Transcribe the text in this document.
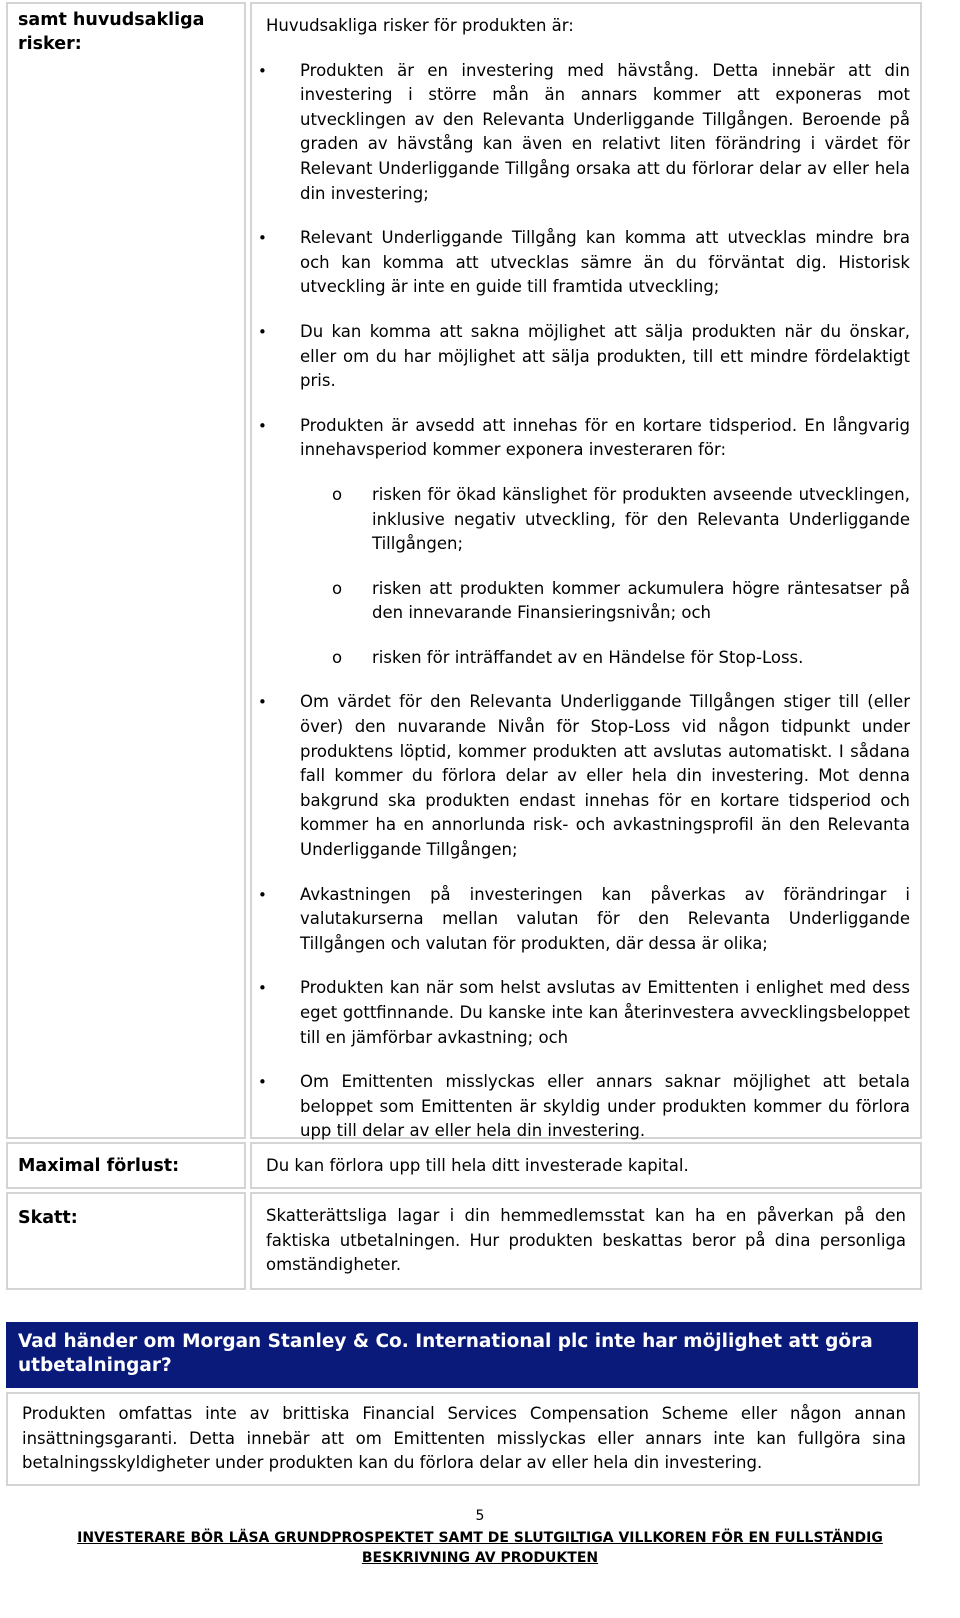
samt huvudsakliga risker:
Huvudsakliga risker för produkten är:
• Produkten är en investering med hävstång. Detta innebär att din investering i större mån än annars kommer att exponeras mot utvecklingen av den Relevanta Underliggande Tillgången. Beroende på graden av hävstång kan även en relativt liten förändring i värdet för Relevant Underliggande Tillgång orsaka att du förlorar delar av eller hela din investering;
• Relevant Underliggande Tillgång kan komma att utvecklas mindre bra och kan komma att utvecklas sämre än du förväntat dig. Historisk utveckling är inte en guide till framtida utveckling;
• Du kan komma att sakna möjlighet att sälja produkten när du önskar, eller om du har möjlighet att sälja produkten, till ett mindre fördelaktigt pris.
• Produkten är avsedd att innehas för en kortare tidsperiod. En långvarig innehavsperiod kommer exponera investeraren för:
o risken för ökad känslighet för produkten avseende utvecklingen, inklusive negativ utveckling, för den Relevanta Underliggande Tillgången;
o risken att produkten kommer ackumulera högre räntesatser på den innevarande Finansieringsnivån; och
o risken för inträffandet av en Händelse för Stop-Loss.
• Om värdet för den Relevanta Underliggande Tillgången stiger till (eller över) den nuvarande Nivån för Stop-Loss vid någon tidpunkt under produktens löptid, kommer produkten att avslutas automatiskt. I sådana fall kommer du förlora delar av eller hela din investering. Mot denna bakgrund ska produkten endast innehas för en kortare tidsperiod och kommer ha en annorlunda risk- och avkastningsprofil än den Relevanta Underliggande Tillgången;
• Avkastningen på investeringen kan påverkas av förändringar i valutakurserna mellan valutan för den Relevanta Underliggande Tillgången och valutan för produkten, där dessa är olika;
• Produkten kan när som helst avslutas av Emittenten i enlighet med dess eget gottfinnande. Du kanske inte kan återinvestera avvecklingsbeloppet till en jämförbar avkastning; och
• Om Emittenten misslyckas eller annars saknar möjlighet att betala beloppet som Emittenten är skyldig under produkten kommer du förlora upp till delar av eller hela din investering.
Maximal förlust:	Du kan förlora upp till hela ditt investerade kapital.
Skatt:	Skatterättsliga lagar i din hemmedlemsstat kan ha en påverkan på den faktiska utbetalningen. Hur produkten beskattas beror på dina personliga omständigheter.
Vad händer om Morgan Stanley & Co. International plc inte har möjlighet att göra utbetalningar?
Produkten omfattas inte av brittiska Financial Services Compensation Scheme eller någon annan insättningsgaranti. Detta innebär att om Emittenten misslyckas eller annars inte kan fullgöra sina betalningsskyldigheter under produkten kan du förlora delar av eller hela din investering.
5
INVESTERARE BÖR LÄSA GRUNDPROSPEKTET SAMT DE SLUTGILTIGA VILLKOREN FÖR EN FULLSTÄNDIG BESKRIVNING AV PRODUKTEN
